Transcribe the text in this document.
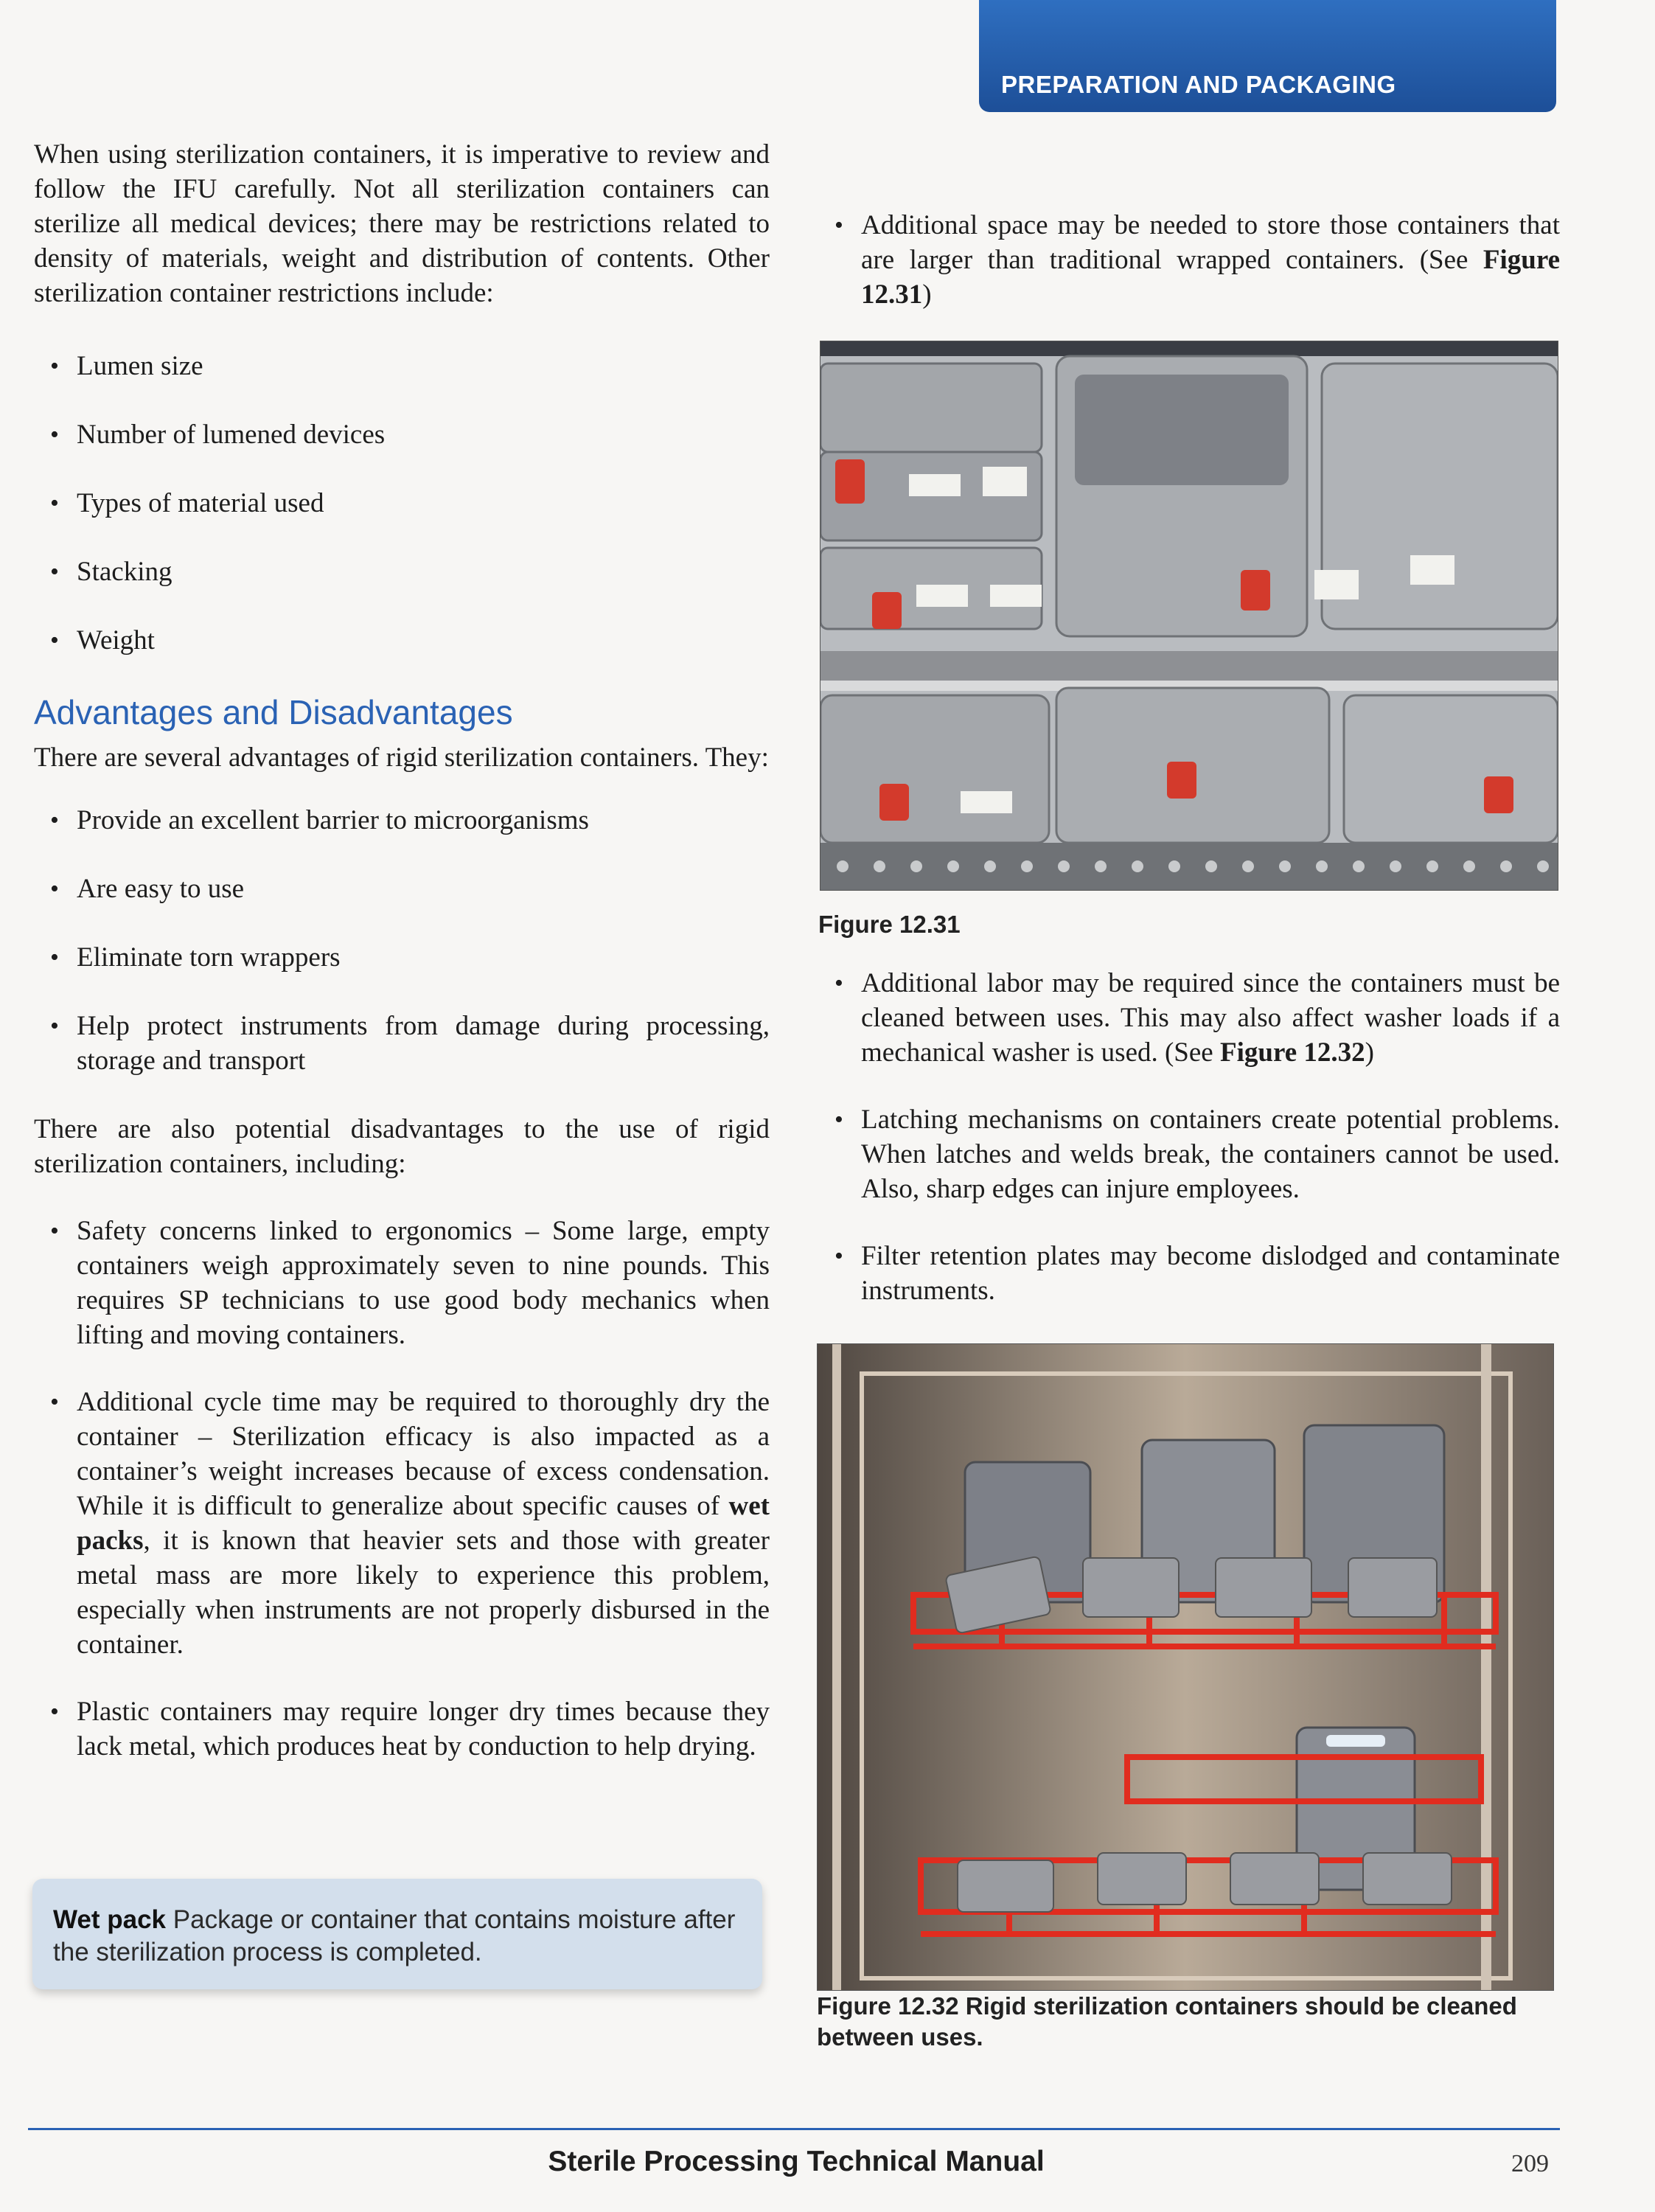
PREPARATION AND PACKAGING

When using sterilization containers, it is imperative to review and follow the IFU carefully. Not all sterilization containers can sterilize all medical devices; there may be restrictions related to density of materials, weight and distribution of contents. Other sterilization container restrictions include:

• Lumen size
• Number of lumened devices
• Types of material used
• Stacking
• Weight
Advantages and Disadvantages

There are several advantages of rigid sterilization containers. They:

• Provide an excellent barrier to microorganisms
• Are easy to use
• Eliminate torn wrappers
• Help protect instruments from damage during processing, storage and transport

There are also potential disadvantages to the use of rigid sterilization containers, including:

• Safety concerns linked to ergonomics – Some large, empty containers weigh approximately seven to nine pounds. This requires SP technicians to use good body mechanics when lifting and moving containers.
• Additional cycle time may be required to thoroughly dry the container – Sterilization efficacy is also impacted as a container’s weight increases because of excess condensation. While it is difficult to generalize about specific causes of wet packs, it is known that heavier sets and those with greater metal mass are more likely to experience this problem, especially when instruments are not properly disbursed in the container.
• Plastic containers may require longer dry times because they lack metal, which produces heat by conduction to help drying.
Wet pack Package or container that contains moisture after the sterilization process is completed.
• Additional space may be needed to store those containers that are larger than traditional wrapped containers. (See Figure 12.31)
Figure 12.31
• Additional labor may be required since the containers must be cleaned between uses. This may also affect washer loads if a mechanical washer is used. (See Figure 12.32)
• Latching mechanisms on containers create potential problems. When latches and welds break, the containers cannot be used. Also, sharp edges can injure employees.
• Filter retention plates may become dislodged and contaminate instruments.
Figure 12.32 Rigid sterilization containers should be cleaned between uses.
Sterile Processing Technical Manual	209
